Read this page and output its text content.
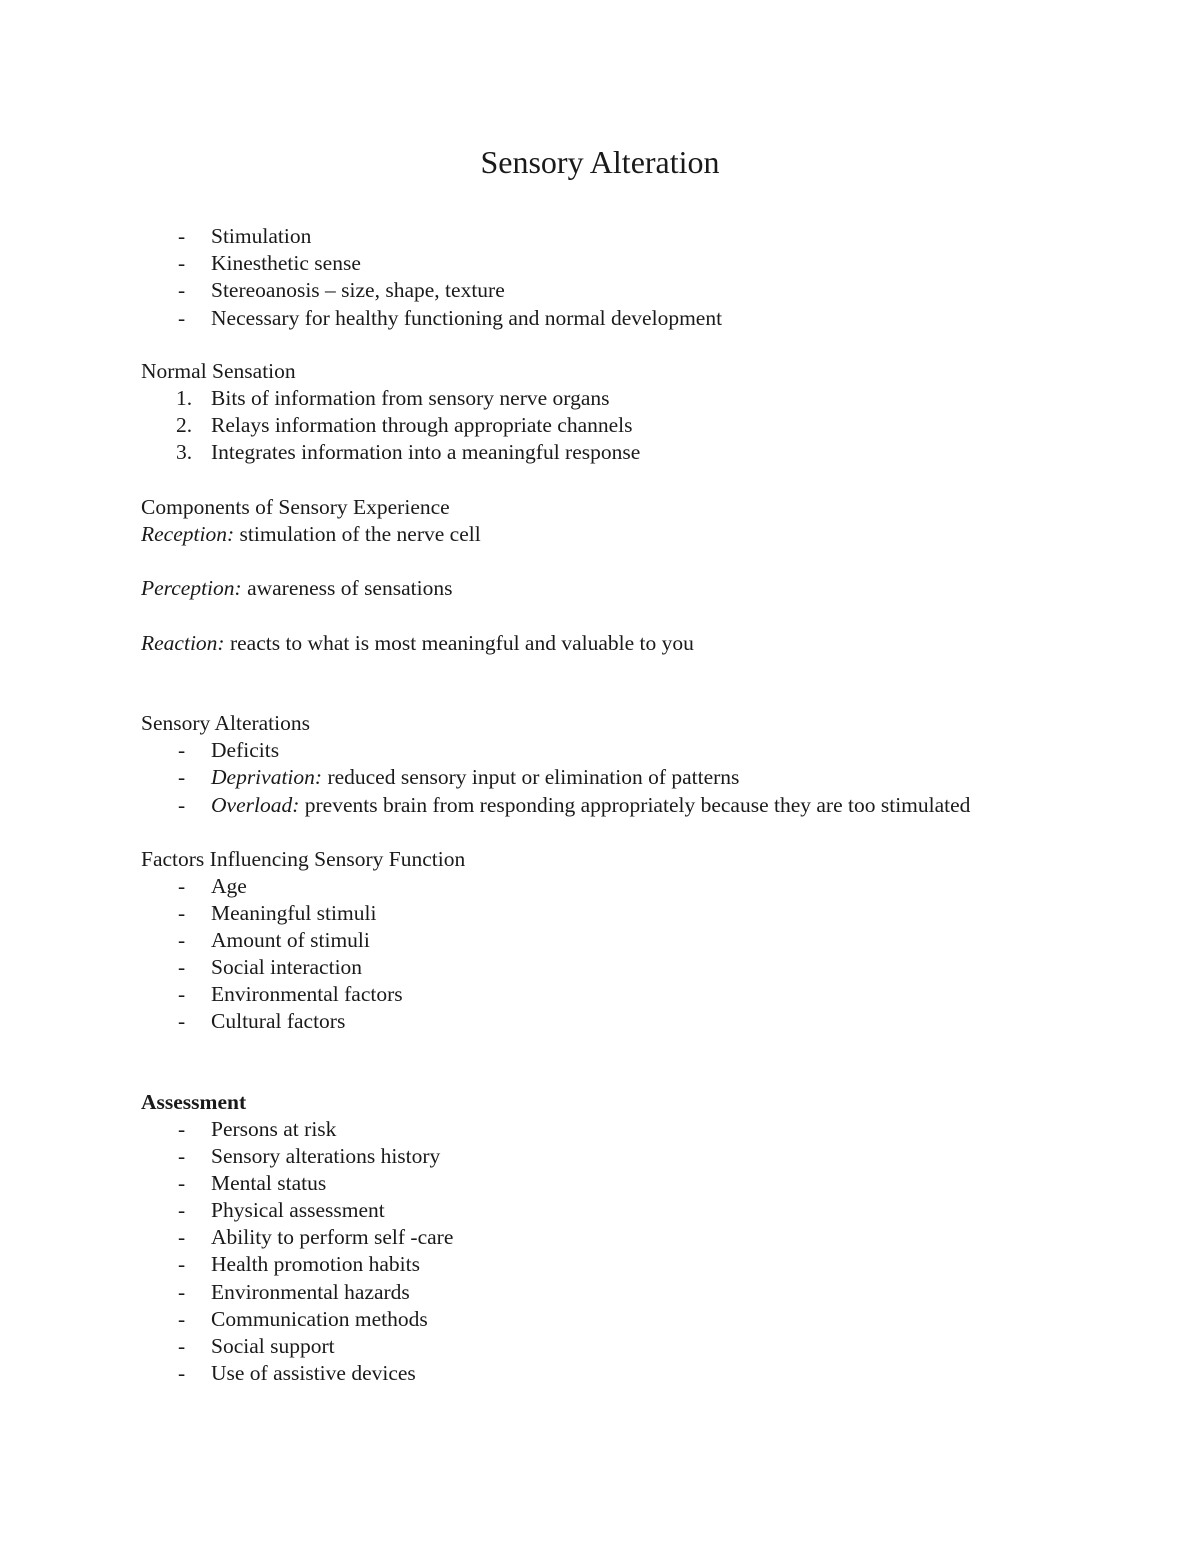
Sensory Alteration
-	Stimulation
-	Kinesthetic sense
-	Stereoanosis – size, shape, texture
-	Necessary for healthy functioning and normal development
Normal Sensation
1. Bits of information from sensory nerve organs
2. Relays information through appropriate channels
3. Integrates information into a meaningful response
Components of Sensory Experience
Reception: stimulation of the nerve cell
Perception: awareness of sensations
Reaction: reacts to what is most meaningful and valuable to you
Sensory Alterations
-	Deficits
-	Deprivation: reduced sensory input or elimination of patterns
-	Overload: prevents brain from responding appropriately because they are too stimulated
Factors Influencing Sensory Function
-	Age
-	Meaningful stimuli
-	Amount of stimuli
-	Social interaction
-	Environmental factors
-	Cultural factors
Assessment
-	Persons at risk
-	Sensory alterations history
-	Mental status
-	Physical assessment
-	Ability to perform self -care
-	Health promotion habits
-	Environmental hazards
-	Communication methods
-	Social support
-	Use of assistive devices
